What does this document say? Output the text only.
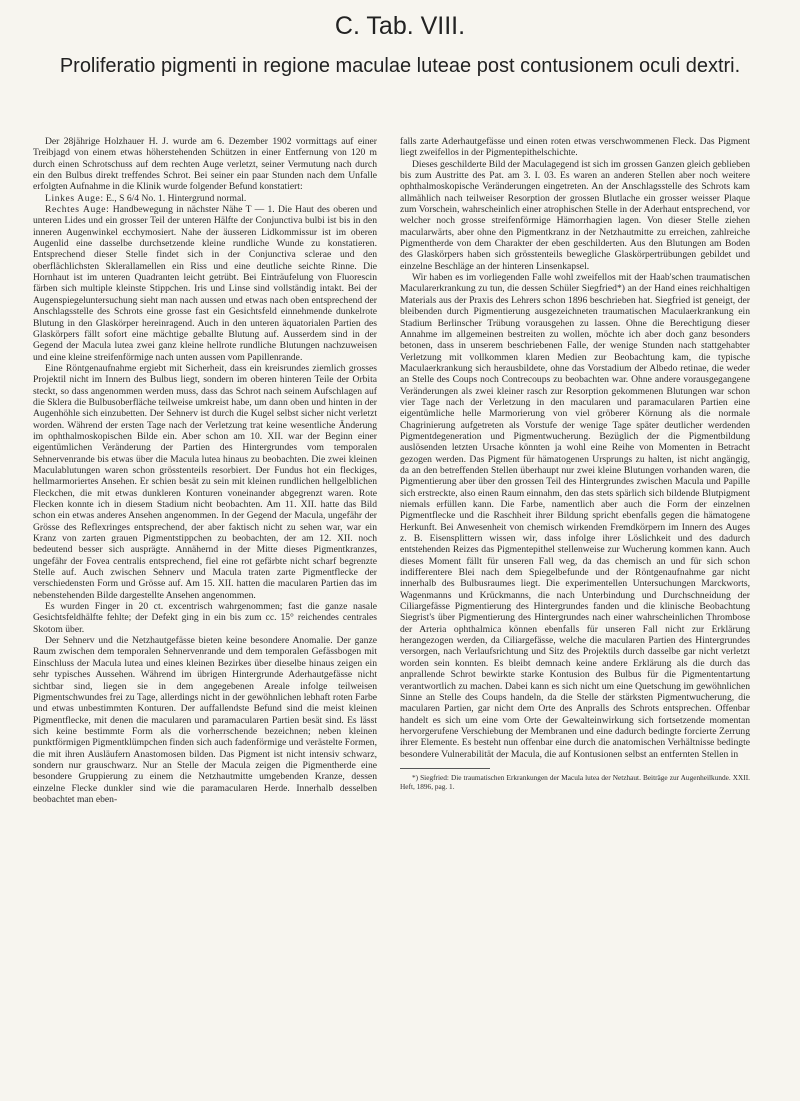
C. Tab. VIII.
Proliferatio pigmenti in regione maculae luteae post contusionem oculi dextri.

Der 28jährige Holzhauer H. J. wurde am 6. Dezember 1902 vormittags auf einer Treibjagd von einem etwas höherstehenden Schützen in einer Entfernung von 120 m durch einen Schrotschuss auf dem rechten Auge verletzt, seiner Vermutung nach durch ein den Bulbus direkt treffendes Schrot. Bei seiner ein paar Stunden nach dem Unfalle erfolgten Aufnahme in die Klinik wurde folgender Befund konstatiert:

Linkes Auge: E., S 6/4 No. 1. Hintergrund normal.

Rechtes Auge: Handbewegung in nächster Nähe T — 1. Die Haut des oberen und unteren Lides und ein grosser Teil der unteren Hälfte der Conjunctiva bulbi ist bis in den inneren Augenwinkel ecchymosiert. Nahe der äusseren Lidkommissur ist im oberen Augenlid eine dasselbe durchsetzende kleine rundliche Wunde zu konstatieren. Entsprechend dieser Stelle findet sich in der Conjunctiva sclerae und den oberflächlichsten Sklerallamellen ein Riss und eine deutliche seichte Rinne. Die Hornhaut ist im unteren Quadranten leicht getrübt. Bei Einträufelung von Fluorescin färben sich multiple kleinste Stippchen. Iris und Linse sind vollständig intakt. Bei der Augenspiegeluntersuchung sieht man nach aussen und etwas nach oben entsprechend der Anschlagsstelle des Schrots eine grosse fast ein Gesichtsfeld einnehmende dunkelrote Blutung in den Glaskörper hereinragend. Auch in den unteren äquatorialen Partien des Glaskörpers fällt sofort eine mächtige geballte Blutung auf. Ausserdem sind in der Gegend der Macula lutea zwei ganz kleine hellrote rundliche Blutungen nachzuweisen und eine kleine streifenförmige nach unten aussen vom Papillenrande.

Eine Röntgenaufnahme ergiebt mit Sicherheit, dass ein kreisrundes ziemlich grosses Projektil nicht im Innern des Bulbus liegt, sondern im oberen hinteren Teile der Orbita steckt, so dass angenommen werden muss, dass das Schrot nach seinem Aufschlagen auf die Sklera die Bulbusoberfläche teilweise umkreist habe, um dann oben und hinten in der Augenhöhle sich einzubetten. Der Sehnerv ist durch die Kugel selbst sicher nicht verletzt worden. Während der ersten Tage nach der Verletzung trat keine wesentliche Änderung im ophthalmoskopischen Bilde ein. Aber schon am 10. XII. war der Beginn einer eigentümlichen Veränderung der Partien des Hintergrundes vom temporalen Sehnervenrande bis etwas über die Macula lutea hinaus zu beobachten. Die zwei kleinen Maculablutungen waren schon grösstenteils resorbiert. Der Fundus hot ein fleckiges, hellmarmoriertes Ansehen. Er schien besät zu sein mit kleinen rundlichen hellgelblichen Fleckchen, die mit etwas dunkleren Konturen voneinander abgegrenzt waren. Rote Flecken konnte ich in diesem Stadium nicht beobachten. Am 11. XII. hatte das Bild schon ein etwas anderes Ansehen angenommen. In der Gegend der Macula, ungefähr der Grösse des Reflexringes entsprechend, der aber faktisch nicht zu sehen war, war ein Kranz von zarten grauen Pigmentstippchen zu beobachten, der am 12. XII. noch bedeutend besser sich ausprägte. Annähernd in der Mitte dieses Pigmentkranzes, ungefähr der Fovea centralis entsprechend, fiel eine rot gefärbte nicht scharf begrenzte Stelle auf. Auch zwischen Sehnerv und Macula traten zarte Pigmentflecke der verschiedensten Form und Grösse auf. Am 15. XII. hatten die macularen Partien das im nebenstehenden Bilde dargestellte Ansehen angenommen.

Es wurden Finger in 20 ct. excentrisch wahrgenommen; fast die ganze nasale Gesichtsfeldhälfte fehlte; der Defekt ging in ein bis zum cc. 15° reichendes centrales Skotom über.

Der Sehnerv und die Netzhautgefässe bieten keine besondere Anomalie. Der ganze Raum zwischen dem temporalen Sehnervenrande und dem temporalen Gefässbogen mit Einschluss der Macula lutea und eines kleinen Bezirkes über dieselbe hinaus zeigen ein sehr typisches Aussehen. Während im übrigen Hintergrunde Aderhautgefässe nicht sichtbar sind, liegen sie in dem angegebenen Areale infolge teilweisen Pigmentschwundes frei zu Tage, allerdings nicht in der gewöhnlichen lebhaft roten Farbe und etwas unbestimmten Konturen. Der auffallendste Befund sind die meist kleinen Pigmentflecke, mit denen die macularen und paramacularen Partien besät sind. Es lässt sich keine bestimmte Form als die vorherrschende bezeichnen; neben kleinen punktförmigen Pigmentklümpchen finden sich auch fadenförmige und verästelte Formen, die mit ihren Ausläufern Anastomosen bilden. Das Pigment ist nicht intensiv schwarz, sondern nur grauschwarz. Nur an Stelle der Macula zeigen die Pigmentherde eine besondere Gruppierung zu einem die Netzhautmitte umgebenden Kranze, dessen einzelne Flecke dunkler sind wie die paramacularen Herde. Innerhalb desselben beobachtet man eben-

falls zarte Aderhautgefässe und einen roten etwas verschwommenen Fleck. Das Pigment liegt zweifellos in der Pigmentepithelschichte.

Dieses geschilderte Bild der Maculagegend ist sich im grossen Ganzen gleich geblieben bis zum Austritte des Pat. am 3. I. 03. Es waren an anderen Stellen aber noch weitere ophthalmoskopische Veränderungen eingetreten. An der Anschlagsstelle des Schrots kam allmählich nach teilweiser Resorption der grossen Blutlache ein grosser weisser Plaque zum Vorschein, wahrscheinlich einer atrophischen Stelle in der Aderhaut entsprechend, vor welcher noch grosse streifenförmige Hämorrhagien lagen. Von dieser Stelle ziehen macularwärts, aber ohne den Pigmentkranz in der Netzhautmitte zu erreichen, zahlreiche Pigmentherde von dem Charakter der eben geschilderten. Aus den Blutungen am Boden des Glaskörpers haben sich grösstenteils bewegliche Glaskörpertrübungen gebildet und einzelne Beschläge an der hinteren Linsenkapsel.

Wir haben es im vorliegenden Falle wohl zweifellos mit der Haab'schen traumatischen Macularerkrankung zu tun, die dessen Schüler Siegfried*) an der Hand eines reichhaltigen Materials aus der Praxis des Lehrers schon 1896 beschrieben hat. Siegfried ist geneigt, der bleibenden durch Pigmentierung ausgezeichneten traumatischen Maculaerkrankung ein Stadium Berlinscher Trübung vorausgehen zu lassen. Ohne die Berechtigung dieser Annahme im allgemeinen bestreiten zu wollen, möchte ich aber doch ganz besonders betonen, dass in unserem beschriebenen Falle, der wenige Stunden nach stattgehabter Verletzung mit vollkommen klaren Medien zur Beobachtung kam, die typische Maculaerkrankung sich herausbildete, ohne das Vorstadium der Albedo retinae, die weder an Stelle des Coups noch Contrecoups zu beobachten war. Ohne andere vorausgegangene Veränderungen als zwei kleiner rasch zur Resorption gekommenen Blutungen war schon vier Tage nach der Verletzung in den macularen und paramacularen Partien eine eigentümliche helle Marmorierung von viel gröberer Körnung als die normale Chagrinierung aufgetreten als Vorstufe der wenige Tage später deutlicher werdenden Pigmentdegeneration und Pigmentwucherung. Bezüglich der die Pigmentbildung auslösenden letzten Ursache könnten ja wohl eine Reihe von Momenten in Betracht gezogen werden. Das Pigment für hämatogenen Ursprungs zu halten, ist nicht angängig, da an den betreffenden Stellen überhaupt nur zwei kleine Blutungen vorhanden waren, die Pigmentierung aber über den grossen Teil des Hintergrundes zwischen Macula und Papille sich erstreckte, also einen Raum einnahm, den das stets spärlich sich bildende Blutpigment niemals erfüllen kann. Die Farbe, namentlich aber auch die Form der einzelnen Pigmentflecke und die Raschheit ihrer Bildung spricht ebenfalls gegen die hämatogene Herkunft. Bei Anwesenheit von chemisch wirkenden Fremdkörpern im Innern des Auges z. B. Eisensplittern wissen wir, dass infolge ihrer Löslichkeit und des dadurch entstehenden Reizes das Pigmentepithel stellenweise zur Wucherung kommen kann. Auch dieses Moment fällt für unseren Fall weg, da das chemisch an und für sich schon indifferentere Blei nach dem Spiegelbefunde und der Röntgenaufnahme gar nicht innerhalb des Bulbusraumes liegt. Die experimentellen Untersuchungen Marckworts, Wagenmanns und Krückmanns, die nach Unterbindung und Durchschneidung der Ciliargefässe Pigmentierung des Hintergrundes fanden und die klinische Beobachtung Siegrist's über Pigmentierung des Hintergrundes nach einer wahrscheinlichen Thrombose der Arteria ophthalmica können ebenfalls für unseren Fall nicht zur Erklärung herangezogen werden, da Ciliargefässe, welche die macularen Partien des Hintergrundes versorgen, nach Verlaufsrichtung und Sitz des Projektils durch dasselbe gar nicht verletzt worden sein konnten. Es bleibt demnach keine andere Erklärung als die durch das anprallende Schrot bewirkte starke Kontusion des Bulbus für die Pigmententartung verantwortlich zu machen. Dabei kann es sich nicht um eine Quetschung im gewöhnlichen Sinne an Stelle des Coups handeln, da die Stelle der stärksten Pigmentwucherung, die macularen Partien, gar nicht dem Orte des Anpralls des Schrots entsprechen. Offenbar handelt es sich um eine vom Orte der Gewalteinwirkung sich fortsetzende momentan hervorgerufene Verschiebung der Membranen und eine dadurch bedingte forcierte Zerrung ihrer Elemente. Es besteht nun offenbar eine durch die anatomischen Verhältnisse bedingte besondere Vulnerabilität der Macula, die auf Kontusionen selbst an entfernten Stellen in

*) Siegfried: Die traumatischen Erkrankungen der Macula lutea der Netzhaut. Beiträge zur Augenheilkunde. XXII. Heft, 1896, pag. 1.
